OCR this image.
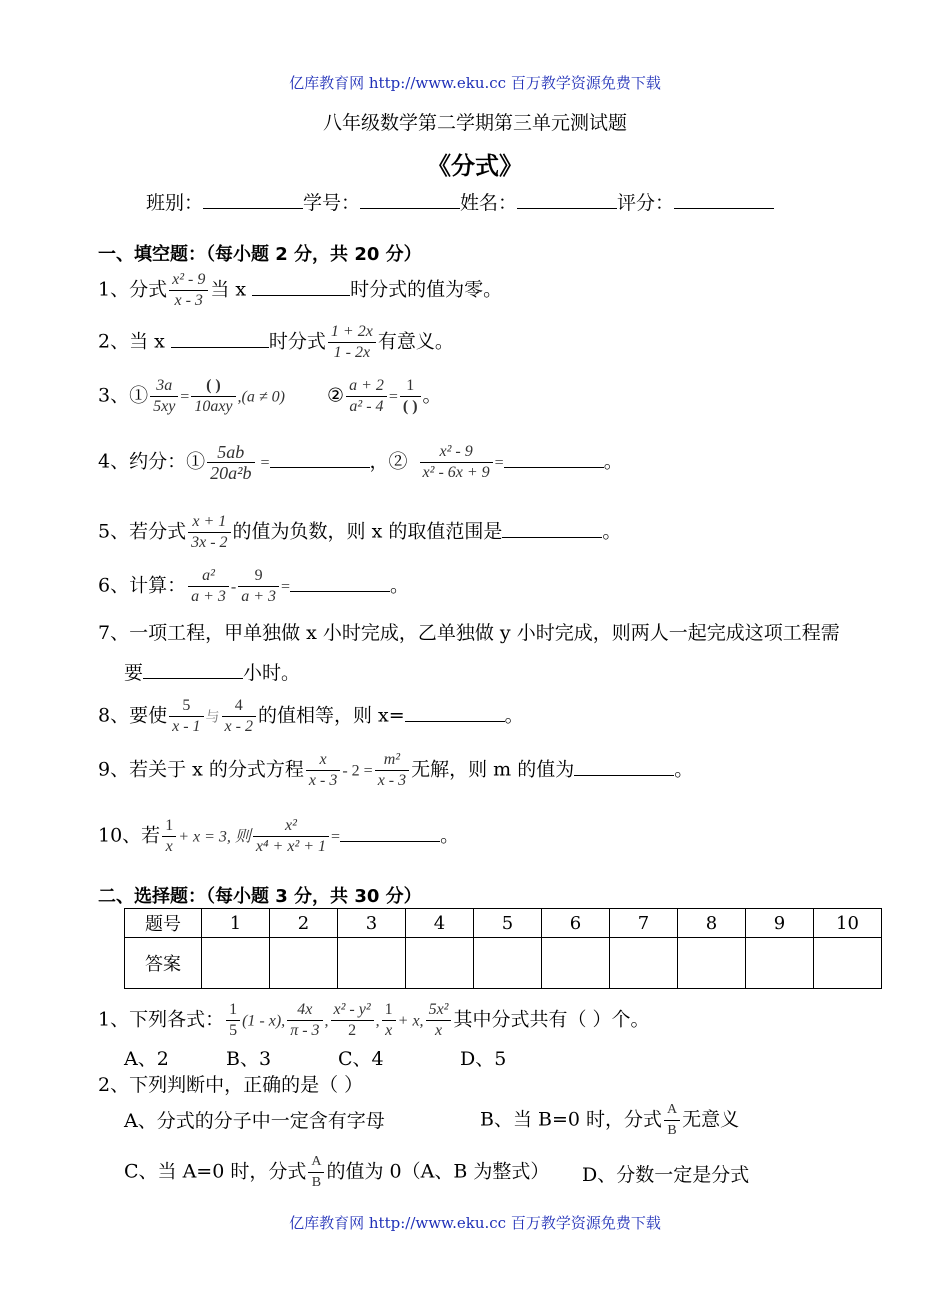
亿库教育网 http://www.eku.cc 百万教学资源免费下载
八年级数学第二学期第三单元测试题
《分式》
班别：	学号：	姓名：	评分：
一、填空题：（每小题 2 分，共 20 分）
1、分式 $\frac{\text{x² - 9}}{x - 3}$ 当 x	时分式的值为零。
2、当 x	时分式 $\frac{1 + 2x}{1 - 2x}$ 有意义。
3、① $\frac{3a}{5xy} = \frac{( )}{\text{10axy}} ,(a \ne 0)$ ② $\frac{a + 2}{\text{a² - 4}} = \frac{1}{( )}$ 。
4、约分：① $\frac{5ab}{\text{20a²b}}$ =	，② $\frac{\text{x² - 9}}{\text{x² - 6x + 9}}$ =	。
5、若分式 $\frac{x + 1}{3x - 2}$ 的值为负数，则 x 的取值范围是	。
6、计算： $\frac{\text{a²}}{a + 3} - \frac{9}{a + 3}$ =	。
7、一项工程，甲单独做 x 小时完成，乙单独做 y 小时完成，则两人一起完成这项工程需
要	小时。
8、要使 $\frac{5}{x - 1}$ 与 $\frac{4}{x - 2}$ 的值相等，则 x=	。
9、若关于 x 的分式方程 $\frac{x}{x - 3} - 2 = \frac{\text{m²}}{x - 3}$ 无解，则 m 的值为	。
10、若 $\frac{1}{x} + x = 3$, 则 $\frac{\text{x²}}{\text{x⁴ + x² + 1}}$ =	。
二、选择题：（每小题 3 分，共 30 分）
题号	1	2	3	4	5	6	7	8	9	10
答案										
1、下列各式： $\frac{1}{5} (1 - x)$, $\frac{4x}{\pi - 3}$ , $\frac{\text{x² - y²}}{2}$ , $\frac{1}{x} + x$, $\frac{\text{5x²}}{x}$ 其中分式共有（ ）个。
A、2	B、3	C、4	D、5
2、下列判断中，正确的是（ ）
A、分式的分子中一定含有字母	B、当 B=0 时，分式 $\frac{A}{B}$ 无意义
C、当 A=0 时，分式 $\frac{A}{B}$ 的值为 0（A、B 为整式） D、分数一定是分式
亿库教育网 http://www.eku.cc 百万教学资源免费下载
